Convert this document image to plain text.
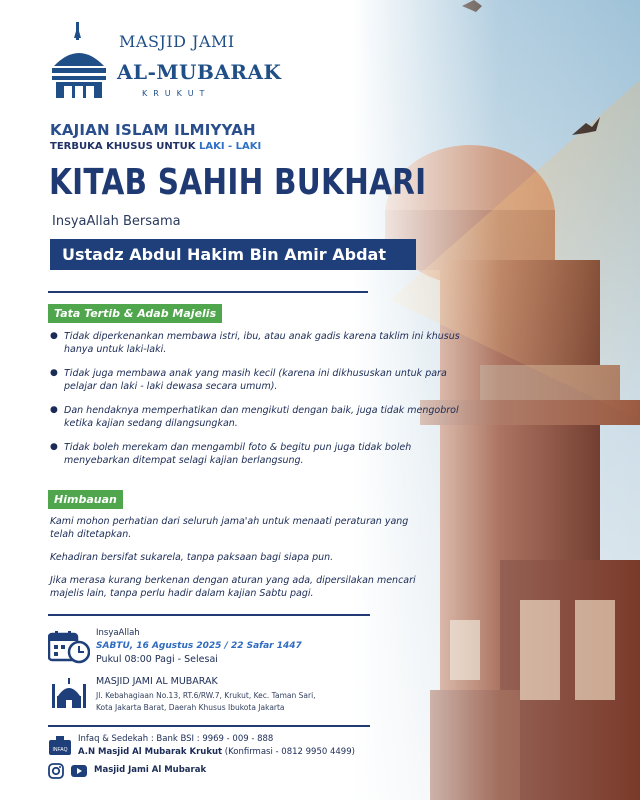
MASJID JAMI
AL-MUBARAK
KRUKUT
KAJIAN ISLAM ILMIYYAH
TERBUKA KHUSUS UNTUK LAKI - LAKI
KITAB SAHIH BUKHARI
InsyaAllah Bersama
Ustadz Abdul Hakim Bin Amir Abdat
Tata Tertib & Adab Majelis
● Tidak diperkenankan membawa istri, ibu, atau anak gadis karena taklim ini khusus hanya untuk laki-laki.
● Tidak juga membawa anak yang masih kecil (karena ini dikhususkan untuk para pelajar dan laki - laki dewasa secara umum).
● Dan hendaknya memperhatikan dan mengikuti dengan baik, juga tidak mengobrol ketika kajian sedang dilangsungkan.
● Tidak boleh merekam dan mengambil foto & begitu pun juga tidak boleh menyebarkan ditempat selagi kajian berlangsung.
Himbauan

Kami mohon perhatian dari seluruh jama'ah untuk menaati peraturan yang telah ditetapkan.

Kehadiran bersifat sukarela, tanpa paksaan bagi siapa pun.

Jika merasa kurang berkenan dengan aturan yang ada, dipersilakan mencari majelis lain, tanpa perlu hadir dalam kajian Sabtu pagi.

InsyaAllah
SABTU, 16 Agustus 2025 / 22 Safar 1447
Pukul 08:00 Pagi - Selesai
MASJID JAMI AL MUBARAK
Jl. Kebahagiaan No.13, RT.6/RW.7, Krukut, Kec. Taman Sari,
Kota Jakarta Barat, Daerah Khusus Ibukota Jakarta
INFAQ
Infaq & Sedekah : Bank BSI : 9969 - 009 - 888
A.N Masjid Al Mubarak Krukut (Konfirmasi - 0812 9950 4499)
Masjid Jami Al Mubarak
